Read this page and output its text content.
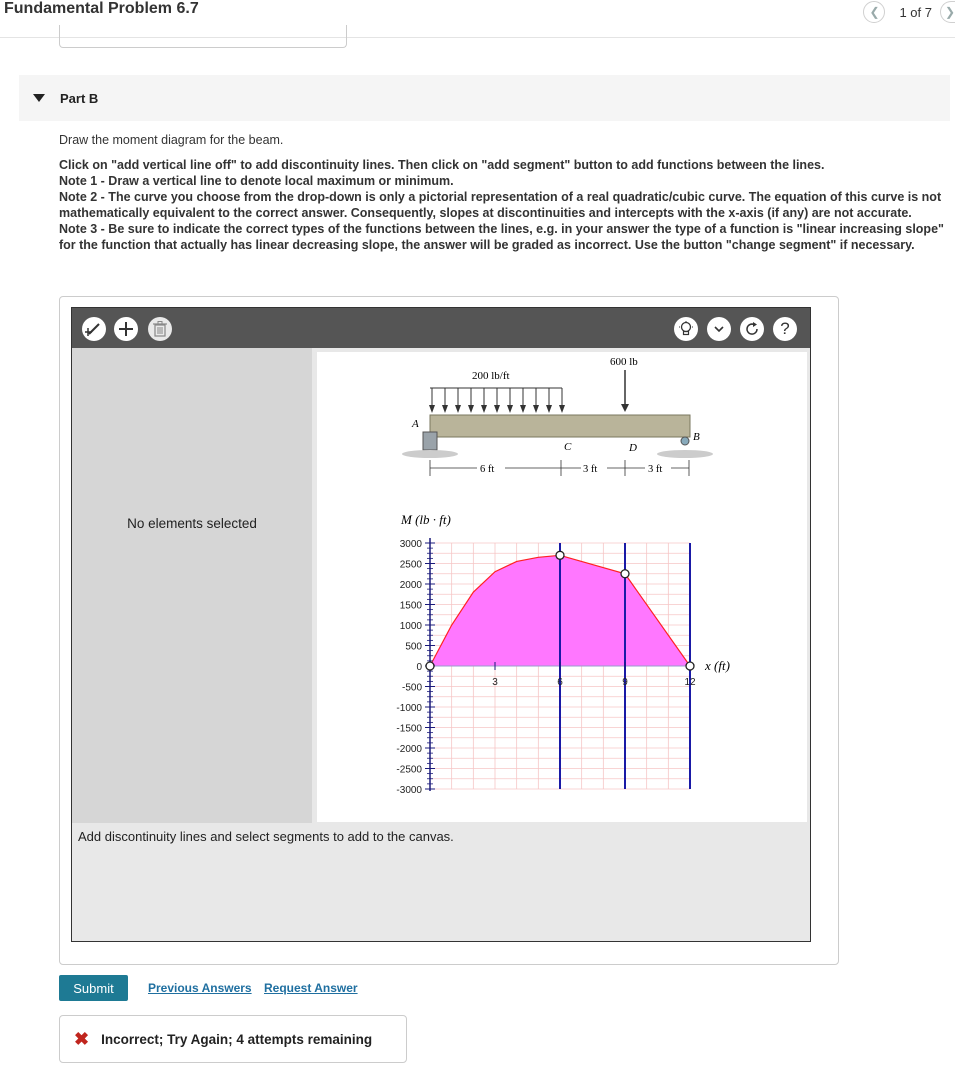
Fundamental Problem 6.7	❮ 1 of 7 ❯
Part B

Draw the moment diagram for the beam.

Click on "add vertical line off" to add discontinuity lines. Then click on "add segment" button to add functions between the lines.

Note 1 - Draw a vertical line to denote local maximum or minimum.

Note 2 - The curve you choose from the drop-down is only a pictorial representation of a real quadratic/cubic curve. The equation of this curve is not mathematically equivalent to the correct answer. Consequently, slopes at discontinuities and intercepts with the x-axis (if any) are not accurate.

Note 3 - Be sure to indicate the correct types of the functions between the lines, e.g. in your answer the type of a function is "linear increasing slope" for the function that actually has linear decreasing slope, the answer will be graded as incorrect. Use the button "change segment" if necessary.

?
No elements selected
200 lb/ft
600 lb
A
B
C	D
6 ft	3 ft	3 ft
M (lb · ft)
x (ft)
3000
2500
2000
1500
1000
500
0
-500
-1000
-1500
-2000
-2500
-3000
3	6	9	12
Add discontinuity lines and select segments to add to the canvas.
Submit	Previous Answers Request Answer
✖ Incorrect; Try Again; 4 attempts remaining
